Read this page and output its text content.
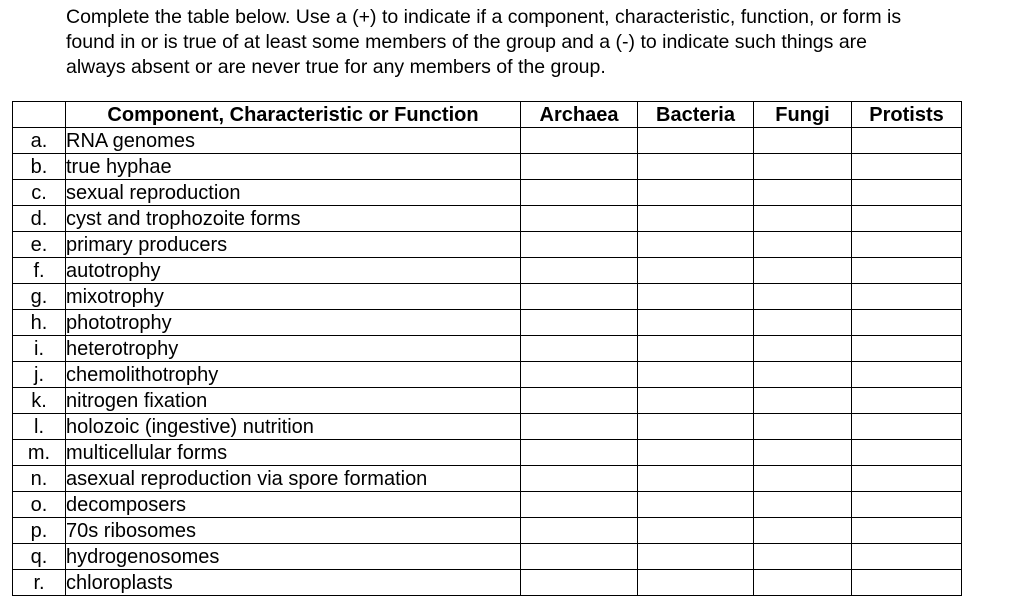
Complete the table below. Use a (+) to indicate if a component, characteristic, function, or form is
found in or is true of at least some members of the group and a (-) to indicate such things are
always absent or are never true for any members of the group.
	Component, Characteristic or Function	Archaea	Bacteria	Fungi	Protists
a.	RNA genomes				
b.	true hyphae				
c.	sexual reproduction				
d.	cyst and trophozoite forms				
e.	primary producers				
f.	autotrophy				
g.	mixotrophy				
h.	phototrophy				
i.	heterotrophy				
j.	chemolithotrophy				
k.	nitrogen fixation				
l.	holozoic (ingestive) nutrition				
m.	multicellular forms				
n.	asexual reproduction via spore formation				
o.	decomposers				
p.	70s ribosomes				
q.	hydrogenosomes				
r.	chloroplasts				
